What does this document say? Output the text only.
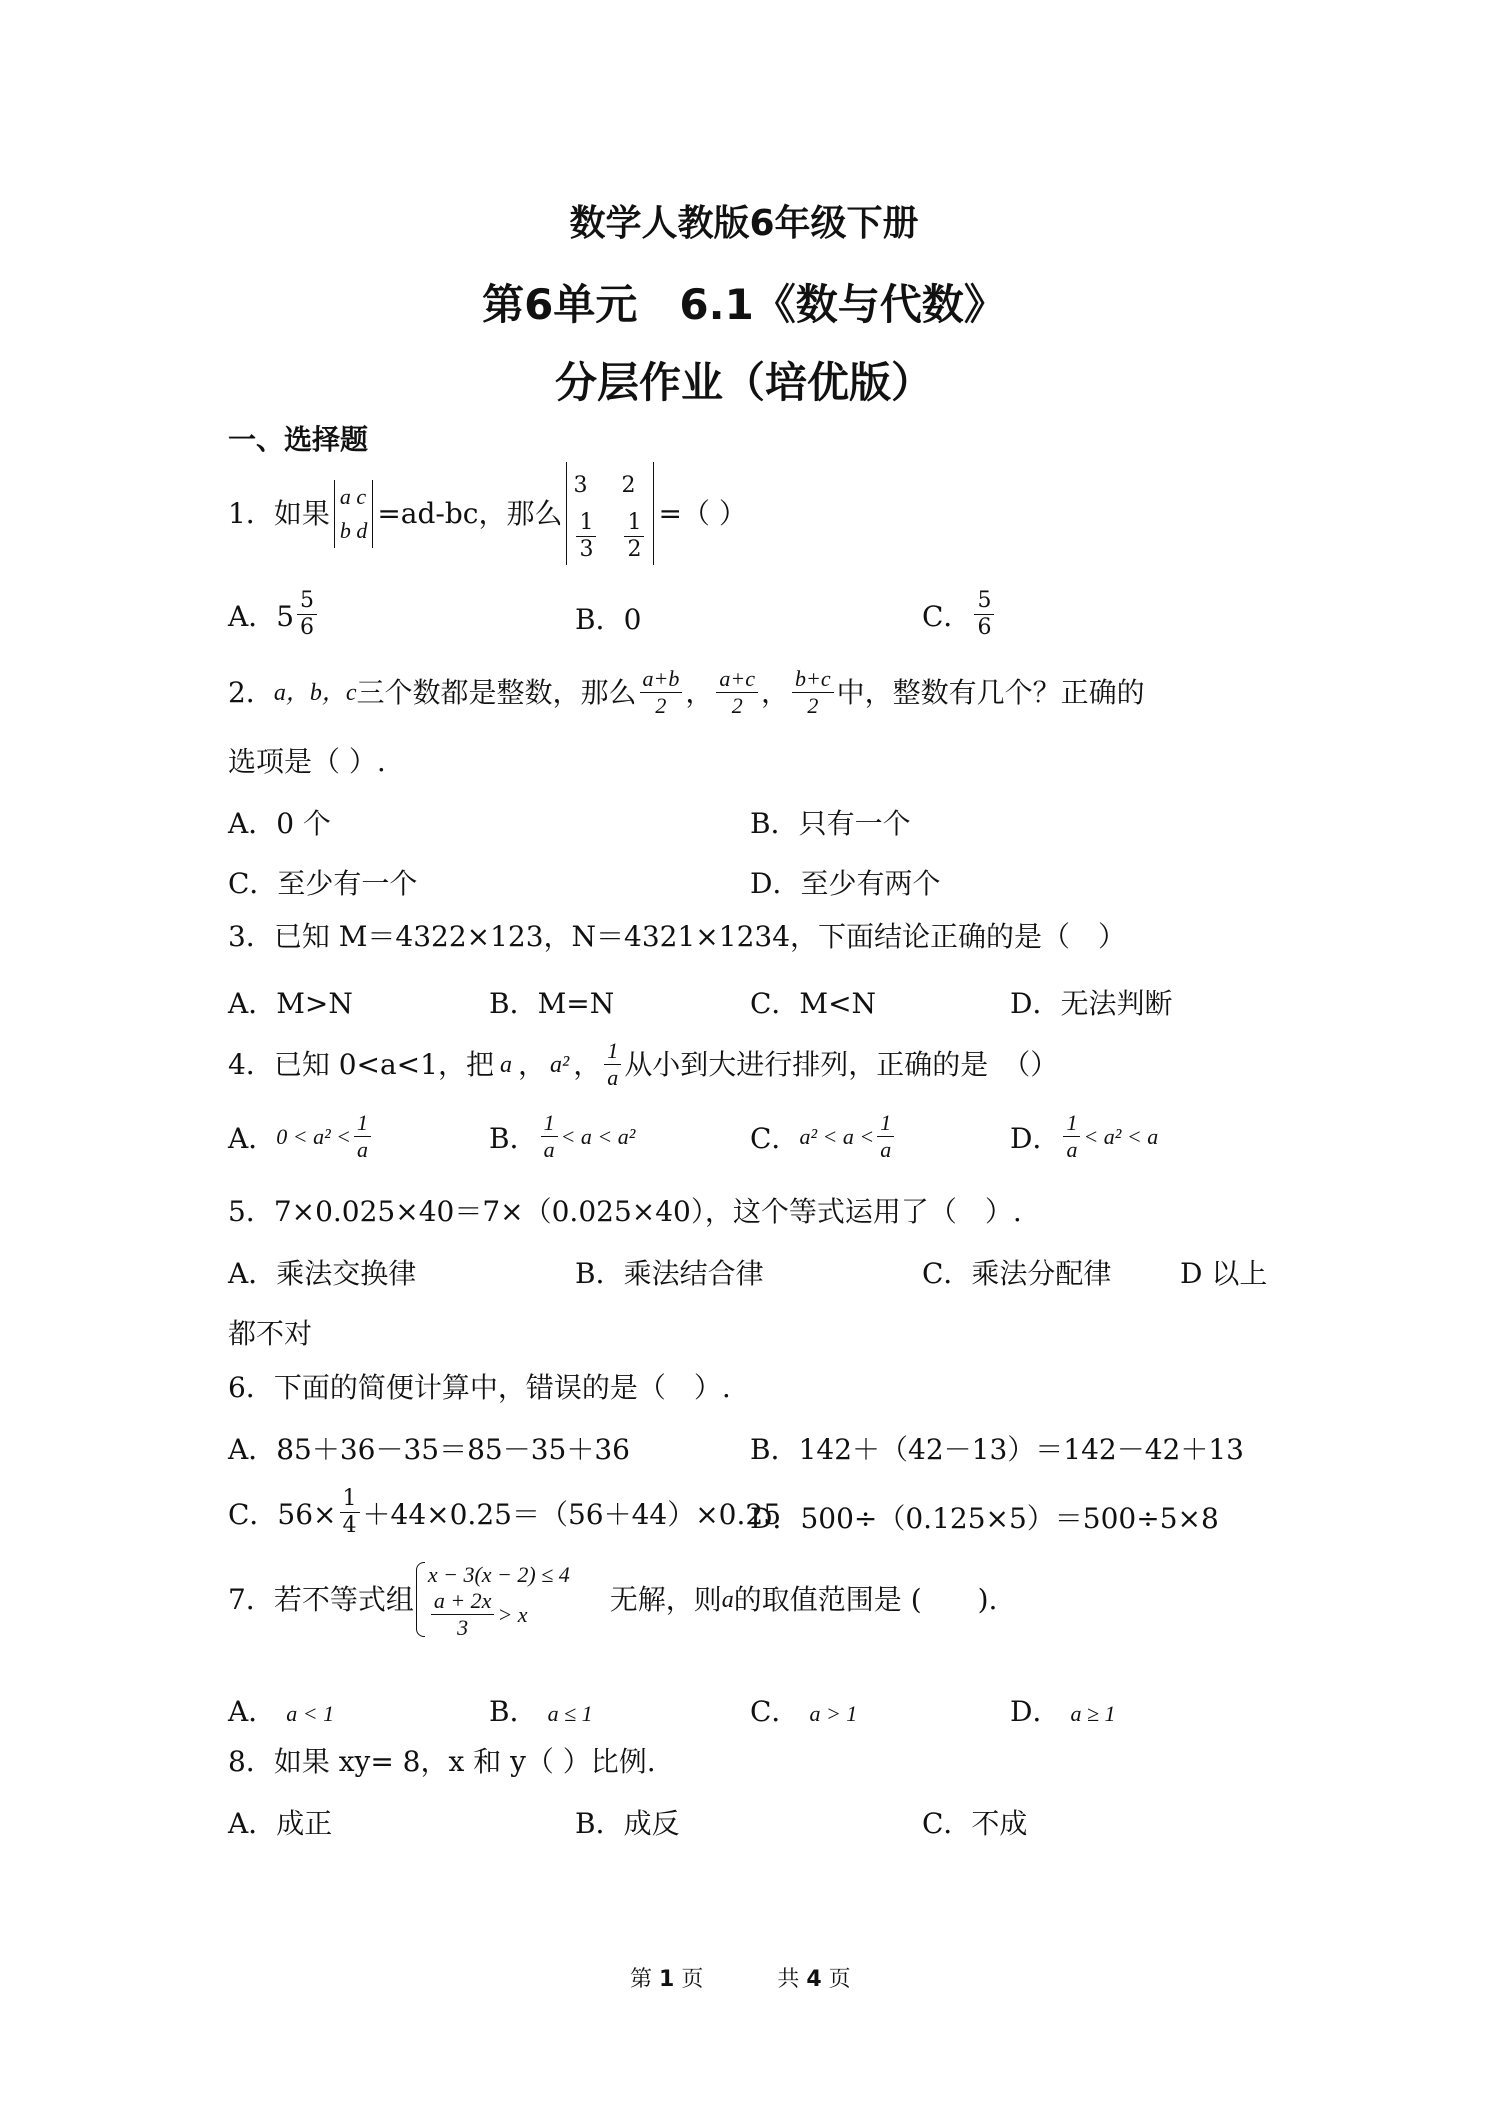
数学人教版6年级下册
第6单元　6.1《数与代数》
分层作业（培优版）
一、选择题
1．如果
a c
b d
=ad-bc，那么
3	2
$\frac{1}{3} \frac{1}{2}$ =（ ）
A．$5 \frac{5}{6}$	B．0	C． $\frac{5}{6}$
2． a，b，c 三个数都是整数，那么 $\frac{a+b}{2}$ ， $\frac{a+c}{2}$ ， $\frac{b+c}{2}$ 中，整数有几个？正确的
选项是（ ）.
A．0 个	B．只有一个
C．至少有一个	D．至少有两个
3．已知 M＝4322×123，N＝4321×1234，下面结论正确的是（　）
A．M>N	B．M=N	C．M<N	D．无法判断
4．已知 0<a<1，把 a ， a² ， $\frac{1}{a}$ 从小到大进行排列，正确的是　（）
A． $0 < a^2 < \frac{1}{a}$	B． $\frac{1}{a} < a < a^2$	C． $a^2 < a < \frac{1}{a}$	D． $\frac{1}{a} < a^2 < a$
5．7×0.025×40＝7×（0.025×40），这个等式运用了（　）.
A．乘法交换律	B．乘法结合律	C．乘法分配律 D 以上
都不对
6．下面的简便计算中，错误的是（　）.
A．85＋36－35＝85－35＋36	B．142＋（42－13）＝142－42＋13
C．$56\times \frac{1}{4} +44\times 0.25=(56+44)\times 0.25$
D．500÷（0.125×5）＝500÷5×8
7．若不等式组
x − 3(x − 2) ≤ 4
$\frac{a + 2x}{3} > x$	无解，则 a 的取值范围是 (　　).
A． a < 1	B． a ≤ 1	C． a > 1	D． a ≥ 1
8．如果 xy= 8，x 和 y（ ）比例.
A．成正	B．成反	C．不成
第 1 页	共 4 页
